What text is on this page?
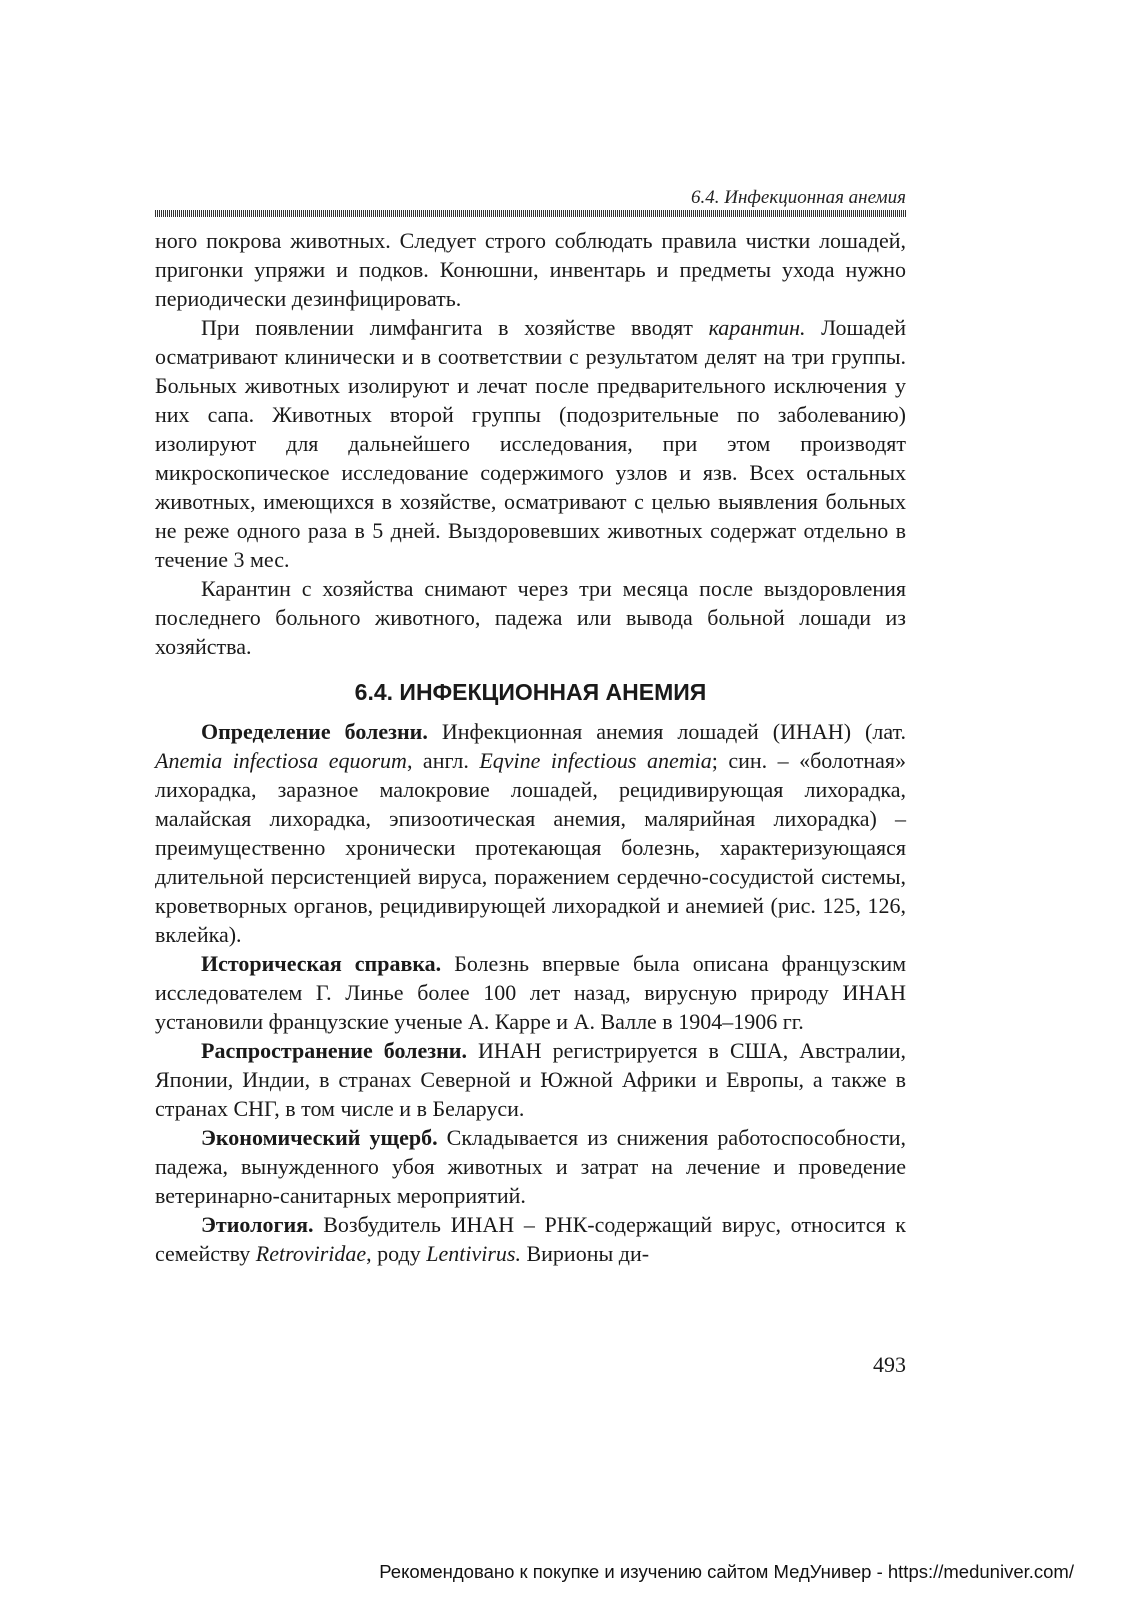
6.4. Инфекционная анемия

ного покрова животных. Следует строго соблюдать правила чистки лошадей, пригонки упряжи и подков. Конюшни, инвентарь и предметы ухода нужно периодически дезинфицировать.

При появлении лимфангита в хозяйстве вводят карантин. Лошадей осматривают клинически и в соответствии с результатом делят на три группы. Больных животных изолируют и лечат после предварительного исключения у них сапа. Животных второй группы (подозрительные по заболеванию) изолируют для дальнейшего исследования, при этом производят микроскопическое исследование содержимого узлов и язв. Всех остальных животных, имеющихся в хозяйстве, осматривают с целью выявления больных не реже одного раза в 5 дней. Выздоровевших животных содержат отдельно в течение 3 мес.

Карантин с хозяйства снимают через три месяца после выздоровления последнего больного животного, падежа или вывода больной лошади из хозяйства.

6.4. ИНФЕКЦИОННАЯ АНЕМИЯ

Определение болезни. Инфекционная анемия лошадей (ИНАН) (лат. Anemia infectiosa equorum, англ. Eqvine infectious anemia; син. – «болотная» лихорадка, заразное малокровие лошадей, рецидивирующая лихорадка, малайская лихорадка, эпизоотическая анемия, малярийная лихорадка) – преимущественно хронически протекающая болезнь, характеризующаяся длительной персистенцией вируса, поражением сердечно-сосудистой системы, кроветворных органов, рецидивирующей лихорадкой и анемией (рис. 125, 126, вклейка).

Историческая справка. Болезнь впервые была описана французским исследователем Г. Линье более 100 лет назад, вирусную природу ИНАН установили французские ученые А. Карре и А. Валле в 1904–1906 гг.

Распространение болезни. ИНАН регистрируется в США, Австралии, Японии, Индии, в странах Северной и Южной Африки и Европы, а также в странах СНГ, в том числе и в Беларуси.

Экономический ущерб. Складывается из снижения работоспособности, падежа, вынужденного убоя животных и затрат на лечение и проведение ветеринарно-санитарных мероприятий.

Этиология. Возбудитель ИНАН – РНК-содержащий вирус, относится к семейству Retroviridae, роду Lentivirus. Вирионы ди-

493
Рекомендовано к покупке и изучению сайтом МедУнивер - https://meduniver.com/
